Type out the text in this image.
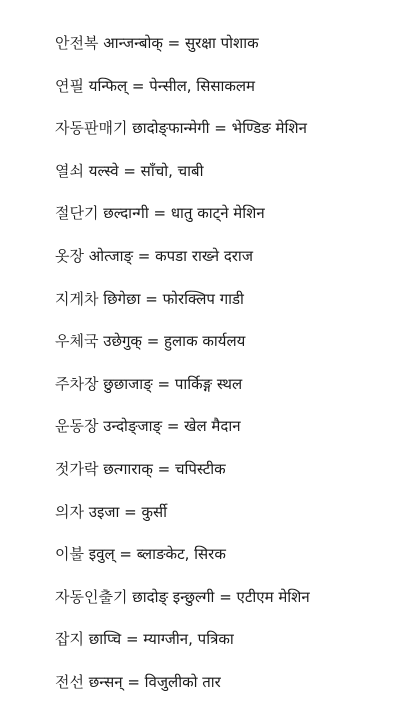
안전복 आन्जन्बोक् = सुरक्षा पोशाक
연필 यन्फिल् = पेन्सील, सिसाकलम
자동판매기 छादोङ्फान्मेगी = भेण्डिङ मेशिन
열쇠 यल्स्वे = साँचो, चाबी
절단기 छल्दान्गी = धातु काट्ने मेशिन
옷장 ओत्जाङ् = कपडा राख्ने दराज
지게차 छिगेछा = फोरक्लिप गाडी
우체국 उछेगुक् = हुलाक कार्यलय
주차장 छुछाजाङ् = पार्किङ्ग स्थल
운동장 उन्दोङ्जाङ् = खेल मैदान
젓가락 छत्गाराक् = चपिस्टीक
의자 उइजा = कुर्सी
이불 इवुल् = ब्लाङकेट, सिरक
자동인출기 छादोङ् इन्छुल्गी = एटीएम मेशिन
잡지 छाप्चि = म्याग्जीन, पत्रिका
전선 छन्सन् = विजुलीको तार
